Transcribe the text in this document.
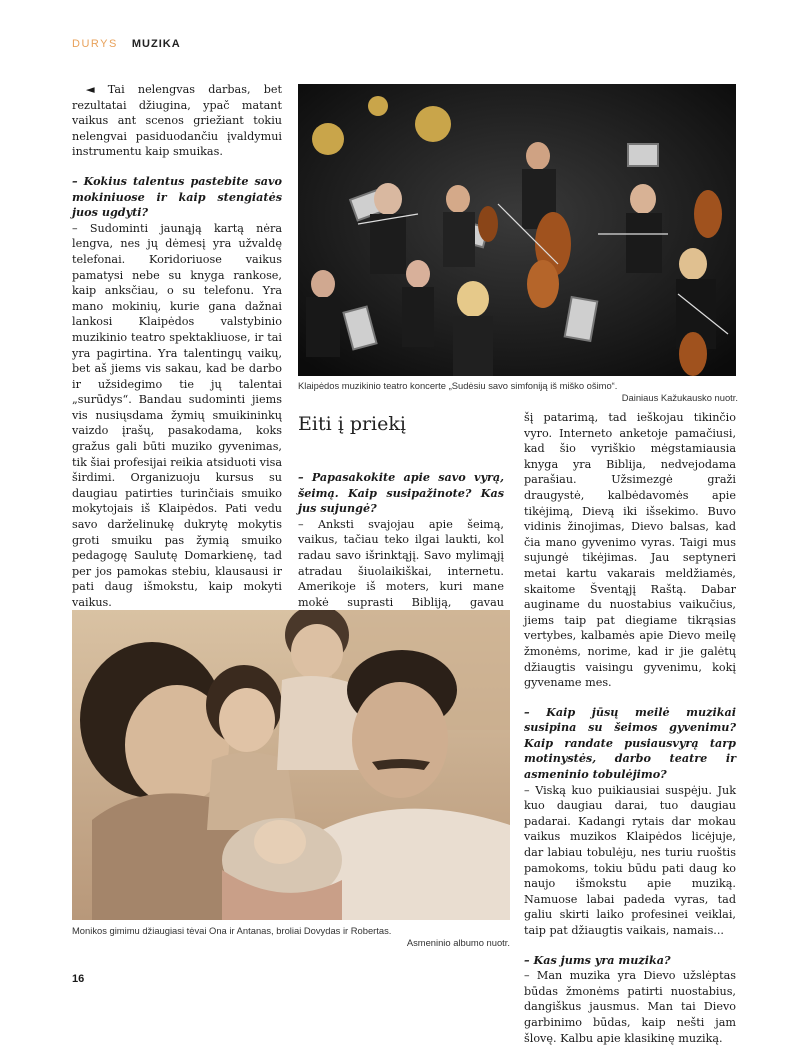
DURYS MUZIKA

◄ Tai nelengvas darbas, bet rezultatai džiugina, ypač matant vaikus ant scenos griežiant tokiu nelengvai pasiduodančiu įvaldymui instrumentu kaip smuikas.

– Kokius talentus pastebite savo mokiniuose ir kaip stengiatės juos ugdyti?

– Sudominti jaunąją kartą nėra lengva, nes jų dėmesį yra užvaldę telefonai. Koridoriuose vaikus pamatysi nebe su knyga rankose, kaip anksčiau, o su telefonu. Yra mano mokinių, kurie gana dažnai lankosi Klaipėdos valstybinio muzikinio teatro spektakliuose, ir tai yra pagirtina. Yra talentingų vaikų, bet aš jiems vis sakau, kad be darbo ir užsidegimo tie jų talentai „surūdys“. Bandau sudominti jiems vis nusiųsdama žymių smuikininkų vaizdo įrašų, pasakodama, koks gražus gali būti muziko gyvenimas, tik šiai profesijai reikia atsiduoti visa širdimi. Organizuoju kursus su daugiau patirties turinčiais smuiko mokytojais iš Klaipėdos. Pati vedu savo darželinukę dukrytę mokytis groti smuiku pas žymią smuiko pedagogę Saulutę Domarkienę, tad per jos pamokas stebiu, klausausi ir pati daug išmokstu, kaip mokyti vaikus.

Klaipėdos muzikinio teatro koncerte „Sudėsiu savo simfoniją iš miško ošimo“.
Dainiaus Kažukausko nuotr.
Eiti į priekį

– Papasakokite apie savo vyrą, šeimą. Kaip susipažinote? Kas jus sujungė?

– Anksti svajojau apie šeimą, vaikus, tačiau teko ilgai laukti, kol radau savo išrinktąjį. Savo mylimąjį atradau šiuolaikiškai, internetu. Amerikoje iš moters, kuri mane mokė suprasti Bibliją, gavau

šį patarimą, tad ieškojau tikinčio vyro. Interneto anketoje pamačiusi, kad šio vyriškio mėgstamiausia knyga yra Biblija, nedvejodama parašiau. Užsimezgė graži draugystė, kalbėdavomės apie tikėjimą, Dievą iki išsekimo. Buvo vidinis žinojimas, Dievo balsas, kad čia mano gyvenimo vyras. Taigi mus sujungė tikėjimas. Jau septyneri metai kartu vakarais meldžiamės, skaitome Šventąjį Raštą. Dabar auginame du nuostabius vaikučius, jiems taip pat diegiame tikrąsias vertybes, kalbamės apie Dievo meilę žmonėms, norime, kad ir jie galėtų džiaugtis vaisingu gyvenimu, kokį gyvename mes.

– Kaip jūsų meilė muzikai susipina su šeimos gyvenimu? Kaip randate pusiausvyrą tarp motinystės, darbo teatre ir asmeninio tobulėjimo?

– Viską kuo puikiausiai suspėju. Juk kuo daugiau darai, tuo daugiau padarai. Kadangi rytais dar mokau vaikus muzikos Klaipėdos licėjuje, dar labiau tobulėju, nes turiu ruoštis pamokoms, tokiu būdu pati daug ko naujo išmokstu apie muziką. Namuose labai padeda vyras, tad galiu skirti laiko profesinei veiklai, taip pat džiaugtis vaikais, namais...

– Kas jums yra muzika?

– Man muzika yra Dievo užslėptas būdas žmonėms patirti nuostabius, dangiškus jausmus. Man tai Dievo garbinimo būdas, kaip nešti jam šlovę. Kalbu apie klasikinę muziką.

Monikos gimimu džiaugiasi tėvai Ona ir Antanas, broliai Dovydas ir Robertas.
Asmeninio albumo nuotr.
16
